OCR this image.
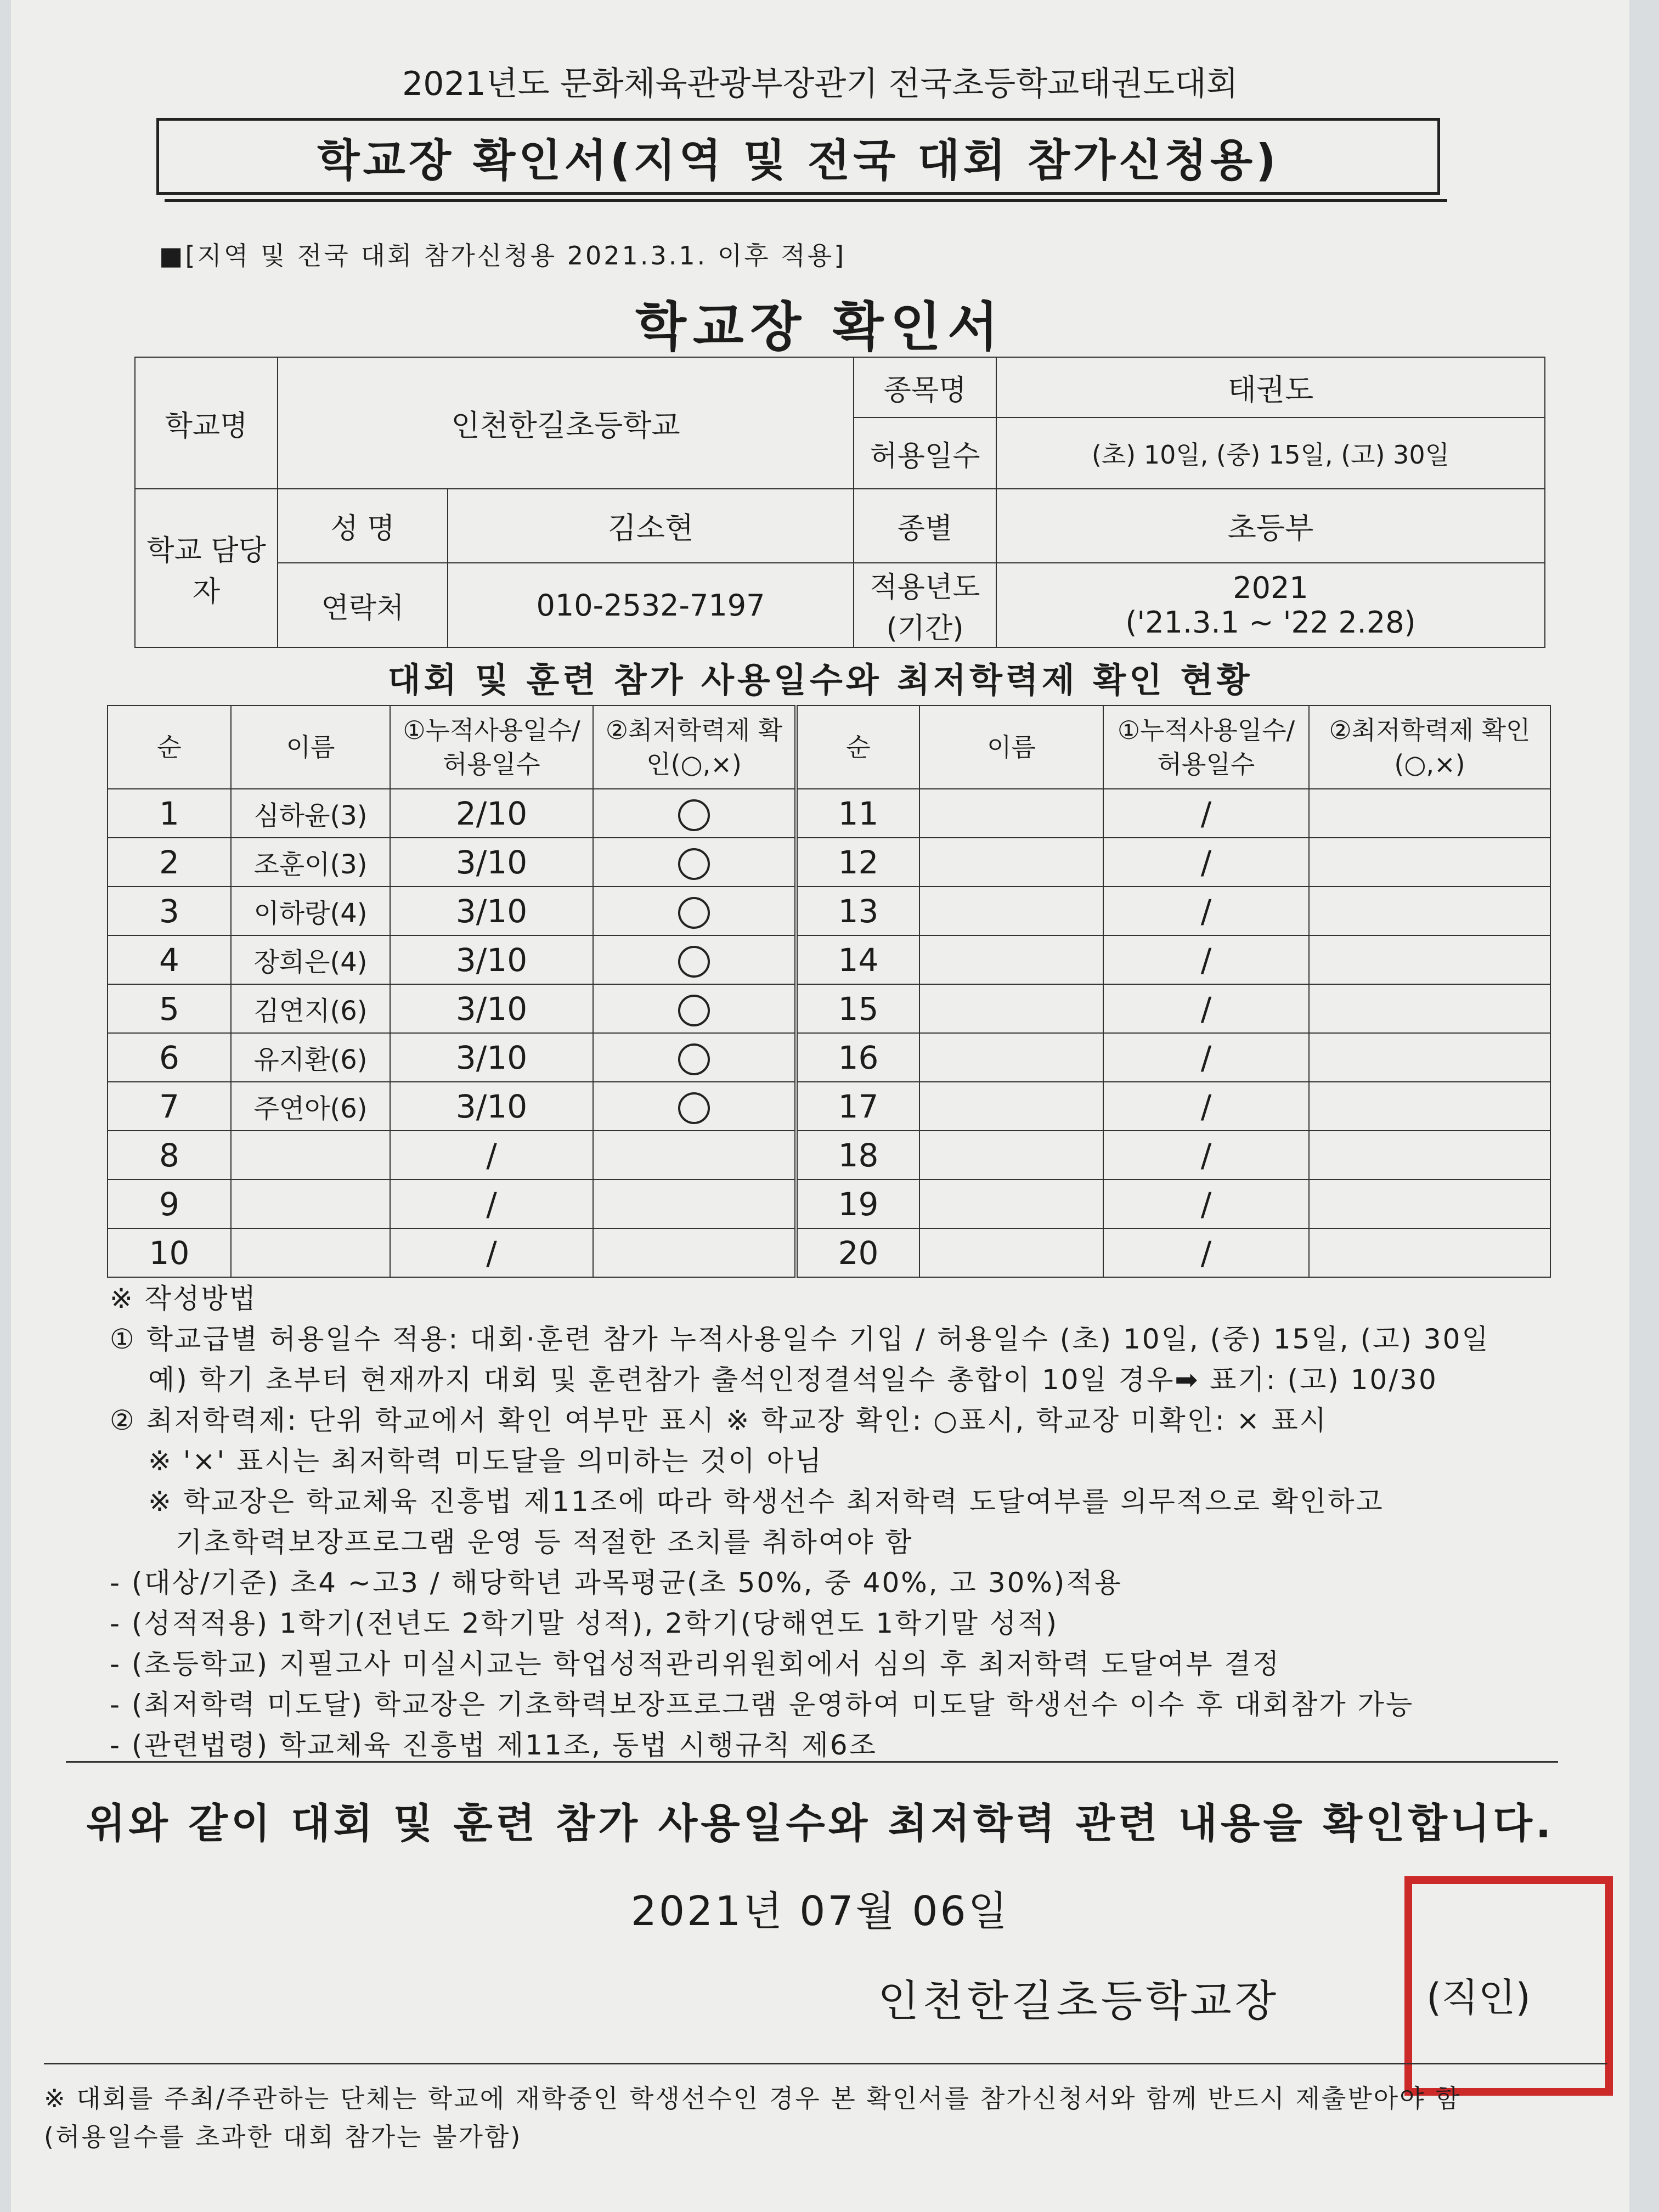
2021년도 문화체육관광부장관기 전국초등학교태권도대회
학교장 확인서(지역 및 전국 대회 참가신청용)
■[지역 및 전국 대회 참가신청용 2021.3.1. 이후 적용]
학교장 확인서
학교명	인천한길초등학교		종목명	태권도
			허용일수	(초) 10일, (중) 15일, (고) 30일
학교 담당자	성 명	김소현	종별	초등부
	연락처	010-2532-7197	적용년도 (기간)	2021
('21.3.1 ~ '22 2.28)
대회 및 훈련 참가 사용일수와 최저학력제 확인 현황
순	이름	①누적사용일수/ 허용일수	②최저학력제 확인(○,×)	순	이름	①누적사용일수/ 허용일수	②최저학력제 확인(○,×)
1	심하윤(3)	2/10		11		/	
2	조훈이(3)	3/10		12		/	
3	이하랑(4)	3/10		13		/	
4	장희은(4)	3/10		14		/	
5	김연지(6)	3/10		15		/	
6	유지환(6)	3/10		16		/	
7	주연아(6)	3/10		17		/	
8		/		18		/	
9		/		19		/	
10		/		20		/	
※ 작성방법
① 학교급별 허용일수 적용: 대회·훈련 참가 누적사용일수 기입 / 허용일수 (초) 10일, (중) 15일, (고) 30일
예) 학기 초부터 현재까지 대회 및 훈련참가 출석인정결석일수 총합이 10일 경우➡ 표기: (고) 10/30
② 최저학력제: 단위 학교에서 확인 여부만 표시 ※ 학교장 확인: ○표시, 학교장 미확인: × 표시
※ '×' 표시는 최저학력 미도달을 의미하는 것이 아님
※ 학교장은 학교체육 진흥법 제11조에 따라 학생선수 최저학력 도달여부를 의무적으로 확인하고
기초학력보장프로그램 운영 등 적절한 조치를 취하여야 함
- (대상/기준) 초4 ~고3 / 해당학년 과목평균(초 50%, 중 40%, 고 30%)적용
- (성적적용) 1학기(전년도 2학기말 성적), 2학기(당해연도 1학기말 성적)
- (초등학교) 지필고사 미실시교는 학업성적관리위원회에서 심의 후 최저학력 도달여부 결정
- (최저학력 미도달) 학교장은 기초학력보장프로그램 운영하여 미도달 학생선수 이수 후 대회참가 가능
- (관련법령) 학교체육 진흥법 제11조, 동법 시행규칙 제6조
위와 같이 대회 및 훈련 참가 사용일수와 최저학력 관련 내용을 확인합니다.
2021년 07월 06일
인천한길초등학교장	(직인)
※ 대회를 주최/주관하는 단체는 학교에 재학중인 학생선수인 경우 본 확인서를 참가신청서와 함께 반드시 제출받아야 함
(허용일수를 초과한 대회 참가는 불가함)
